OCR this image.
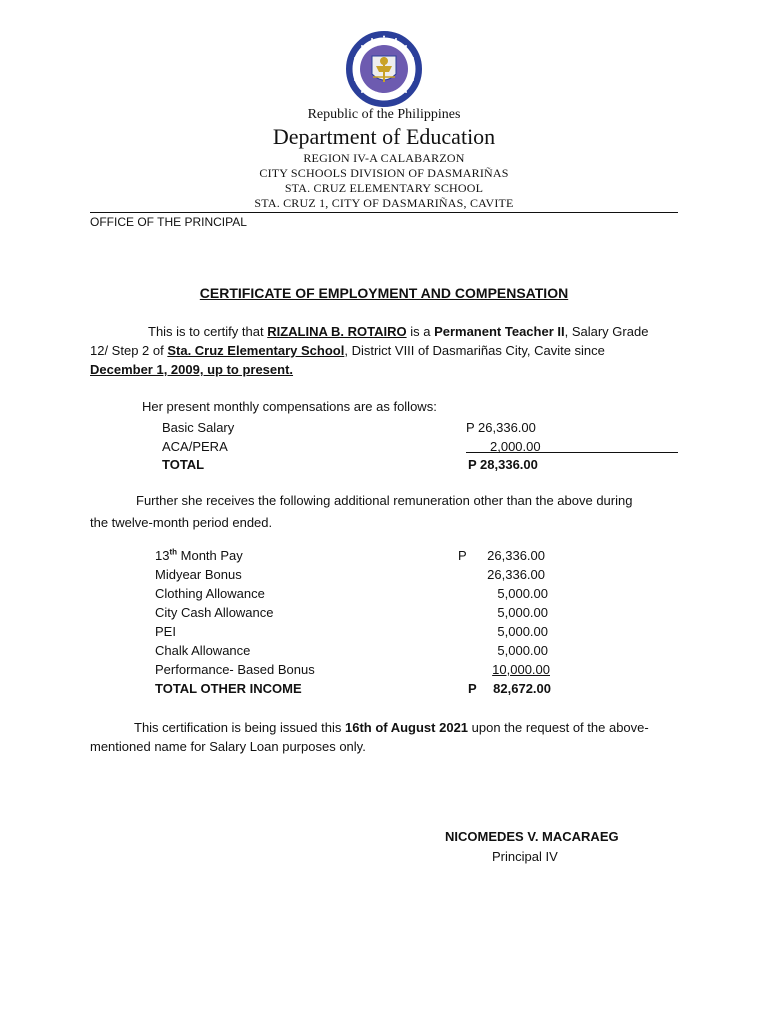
Republic of the Philippines
Department of Education
REGION IV-A CALABARZON
CITY SCHOOLS DIVISION OF DASMARIÑAS
STA. CRUZ ELEMENTARY SCHOOL
STA. CRUZ 1, CITY OF DASMARIÑAS, CAVITE
OFFICE OF THE PRINCIPAL
CERTIFICATE OF EMPLOYMENT AND COMPENSATION
This is to certify that RIZALINA B. ROTAIRO is a Permanent Teacher II, Salary Grade
12/ Step 2 of Sta. Cruz Elementary School, District VIII of Dasmariñas City, Cavite since
December 1, 2009, up to present.
Her present monthly compensations are as follows:
Basic Salary	P 26,336.00
ACA/PERA	2,000.00
TOTAL	P 28,336.00
Further she receives the following additional remuneration other than the above during
the twelve-month period ended.
13th Month Pay	P	26,336.00
Midyear Bonus	26,336.00
Clothing Allowance	5,000.00
City Cash Allowance	5,000.00
PEI	5,000.00
Chalk Allowance	5,000.00
Performance- Based Bonus	10,000.00
TOTAL OTHER INCOME	P	82,672.00
This certification is being issued this 16th of August 2021 upon the request of the above-
mentioned name for Salary Loan purposes only.
NICOMEDES V. MACARAEG
Principal IV
